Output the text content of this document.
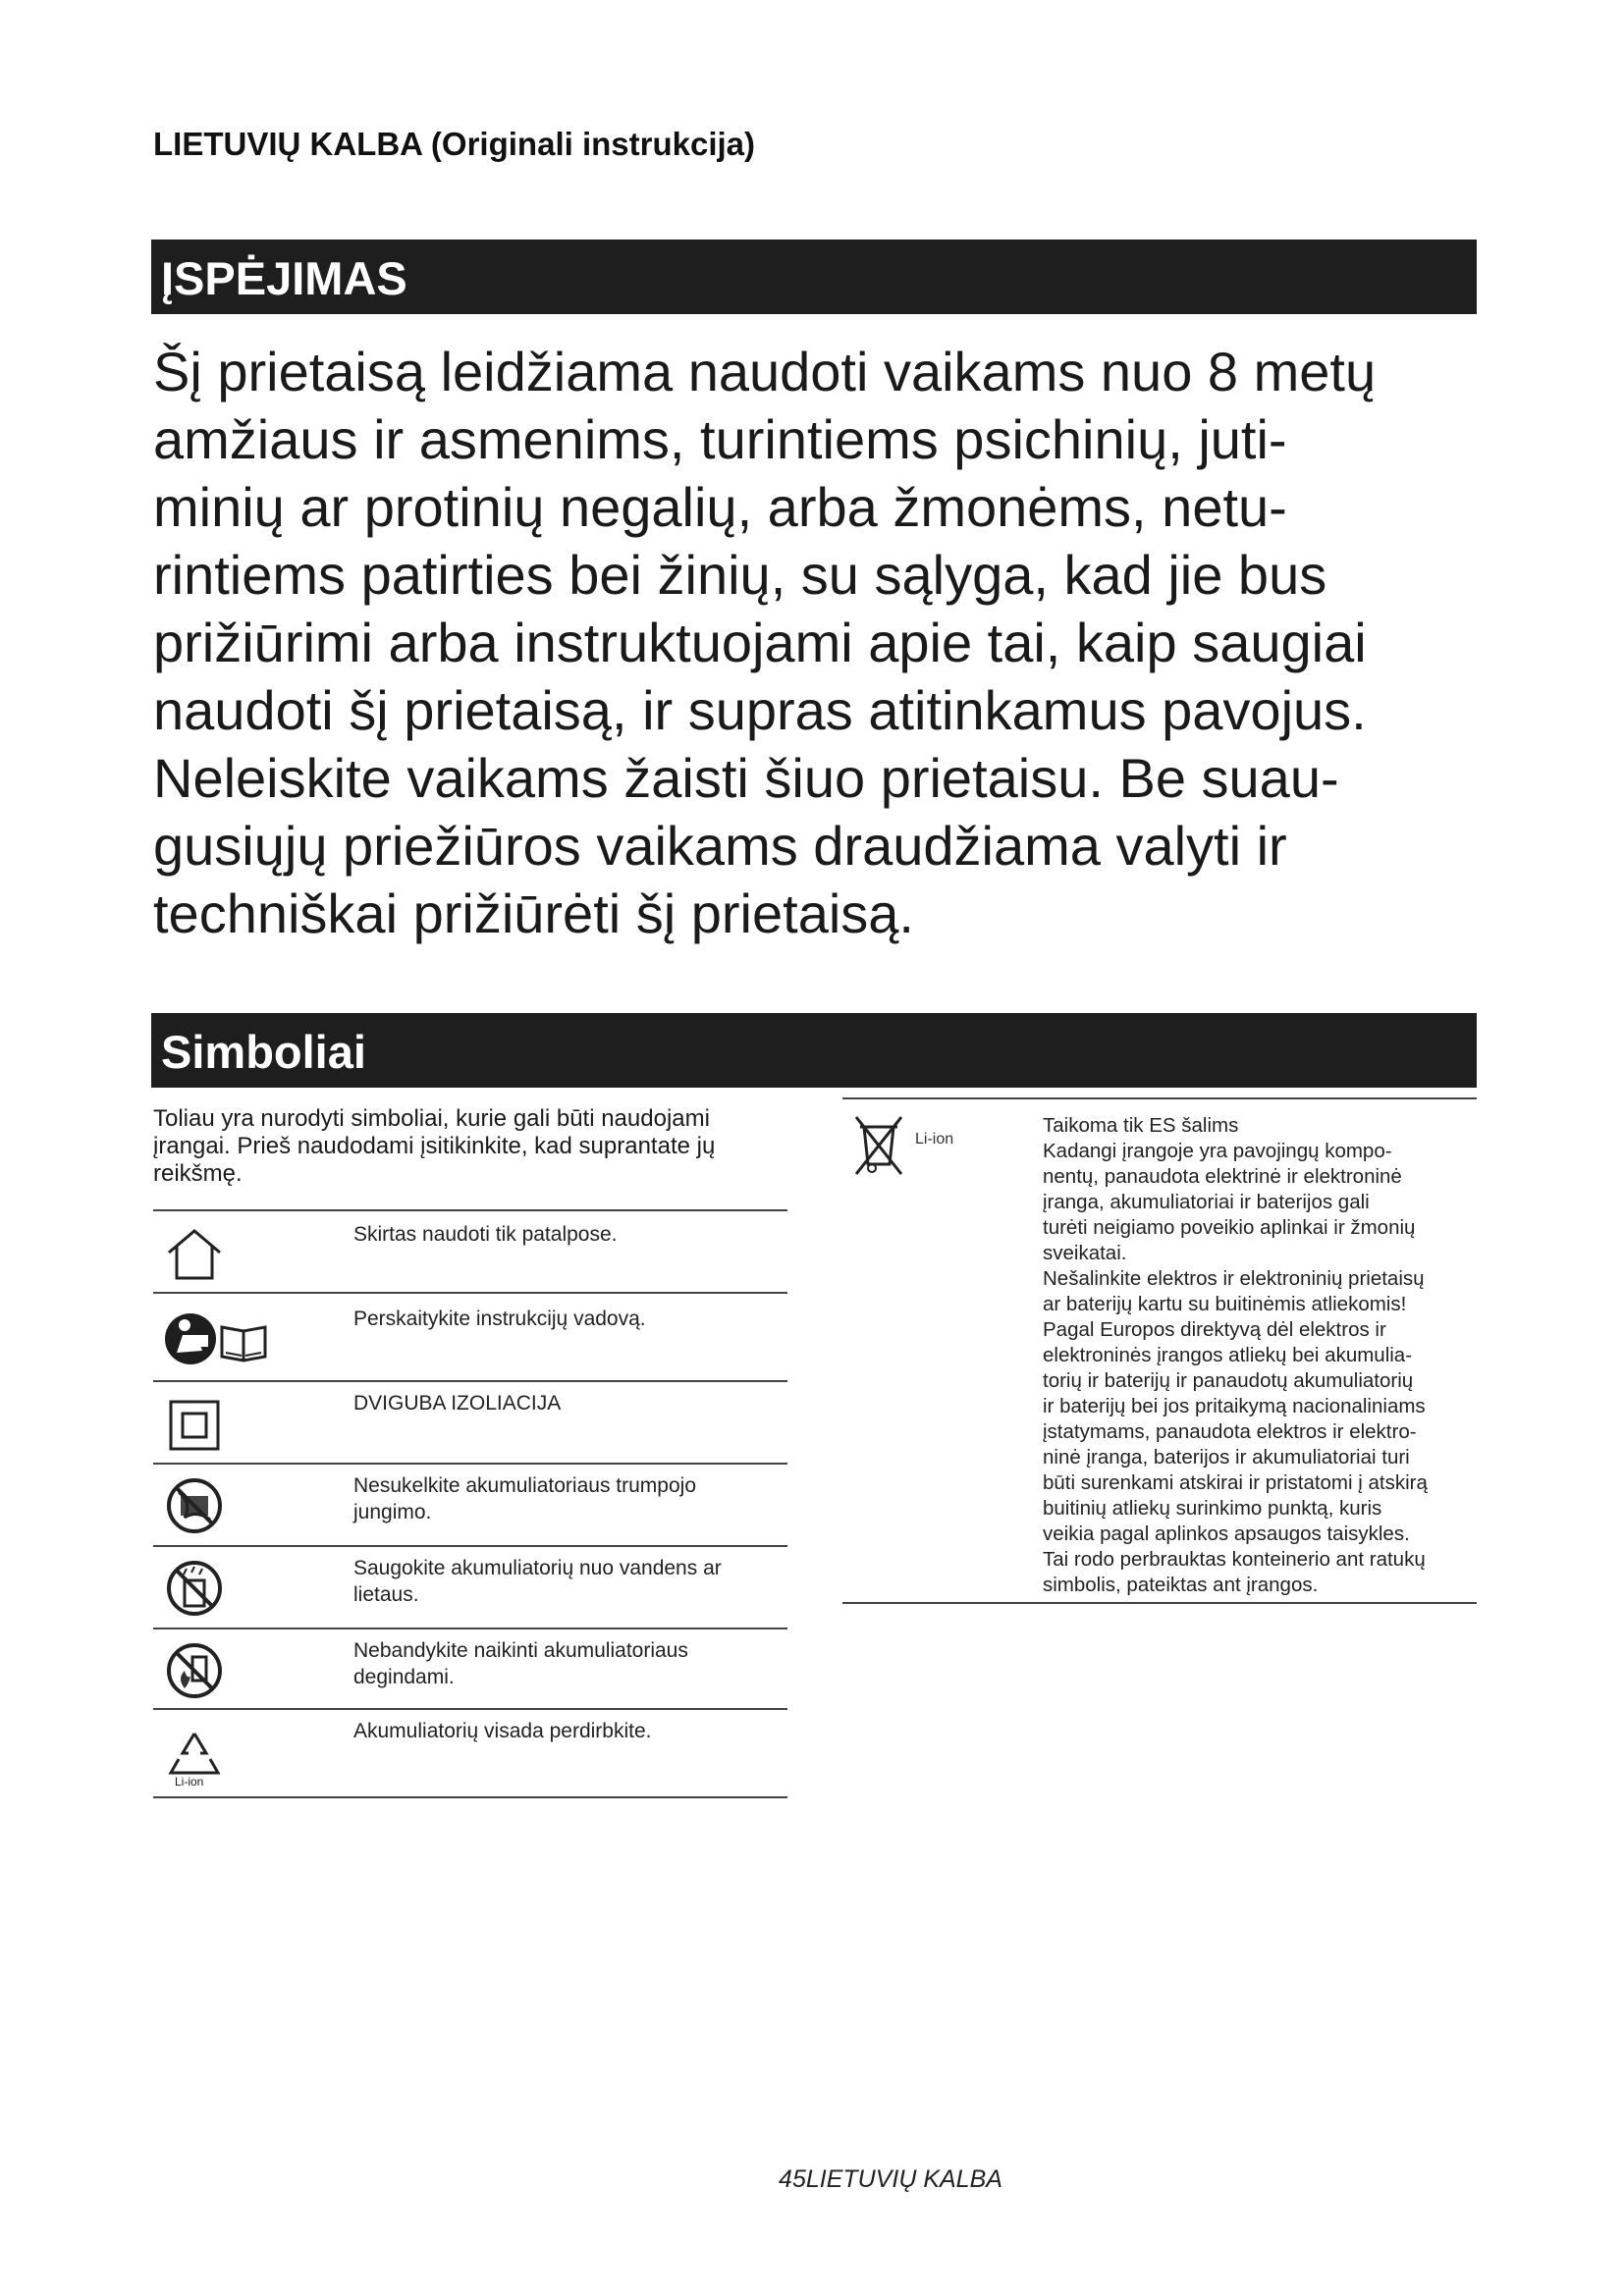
LIETUVIŲ KALBA (Originali instrukcija)
ĮSPĖJIMAS
Šį prietaisą leidžiama naudoti vaikams nuo 8 metų
amžiaus ir asmenims, turintiems psichinių, juti-
minių ar protinių negalių, arba žmonėms, netu-
rintiems patirties bei žinių, su sąlyga, kad jie bus
prižiūrimi arba instruktuojami apie tai, kaip saugiai
naudoti šį prietaisą, ir supras atitinkamus pavojus.
Neleiskite vaikams žaisti šiuo prietaisu. Be suau-
gusiųjų priežiūros vaikams draudžiama valyti ir
techniškai prižiūrėti šį prietaisą.
Simboliai
Toliau yra nurodyti simboliai, kurie gali būti naudojami
įrangai. Prieš naudodami įsitikinkite, kad suprantate jų
reikšmę.
Skirtas naudoti tik patalpose.
Perskaitykite instrukcijų vadovą.
DVIGUBA IZOLIACIJA
Nesukelkite akumuliatoriaus trumpojo
jungimo.
Saugokite akumuliatorių nuo vandens ar
lietaus.
Nebandykite naikinti akumuliatoriaus
degindami.
Li-ion
Akumuliatorių visada perdirbkite.
Li-ion
Taikoma tik ES šalims
Kadangi įrangoje yra pavojingų kompo-
nentų, panaudota elektrinė ir elektroninė
įranga, akumuliatoriai ir baterijos gali
turėti neigiamo poveikio aplinkai ir žmonių
sveikatai.
Nešalinkite elektros ir elektroninių prietaisų
ar baterijų kartu su buitinėmis atliekomis!
Pagal Europos direktyvą dėl elektros ir
elektroninės įrangos atliekų bei akumulia-
torių ir baterijų ir panaudotų akumuliatorių
ir baterijų bei jos pritaikymą nacionaliniams
įstatymams, panaudota elektros ir elektro-
ninė įranga, baterijos ir akumuliatoriai turi
būti surenkami atskirai ir pristatomi į atskirą
buitinių atliekų surinkimo punktą, kuris
veikia pagal aplinkos apsaugos taisykles.
Tai rodo perbrauktas konteinerio ant ratukų
simbolis, pateiktas ant įrangos.
45LIETUVIŲ KALBA
